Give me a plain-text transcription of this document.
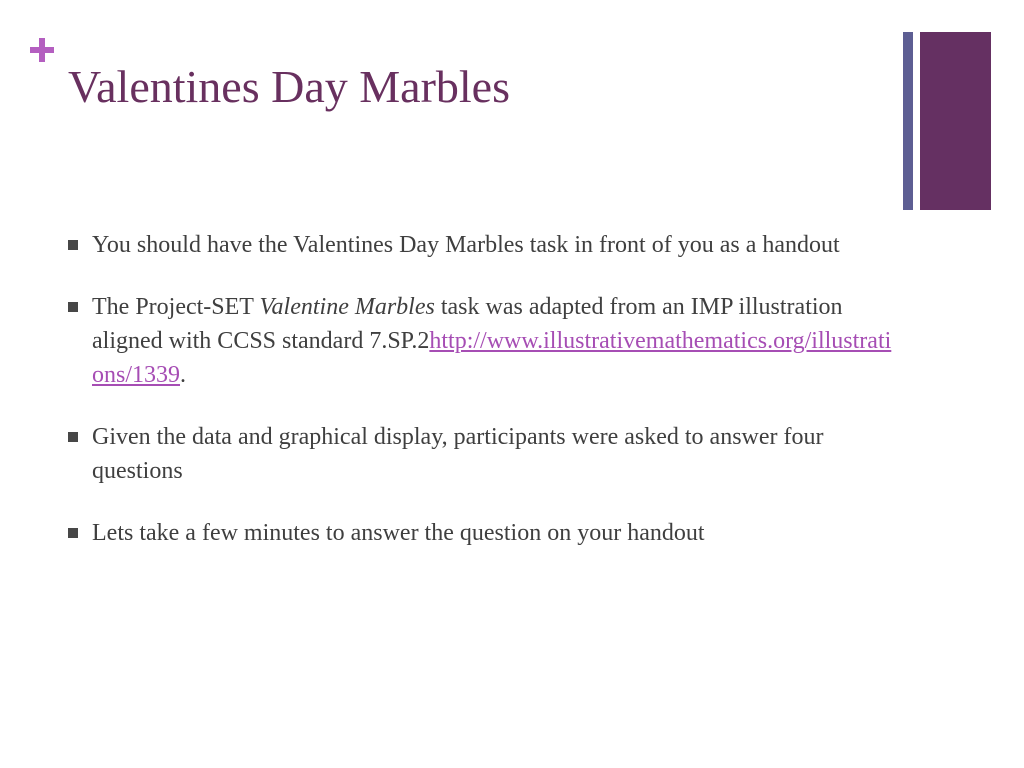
Valentines Day Marbles
You should have the Valentines Day Marbles task in front of you as a handout
The Project-SET Valentine Marbles task was adapted from an IMP illustration aligned with CCSS standard 7.SP.2http://www.illustrativemathematics.org/illustrations/1339.
Given the data and graphical display, participants were asked to answer four questions
Lets take a few minutes to answer the question on your handout
